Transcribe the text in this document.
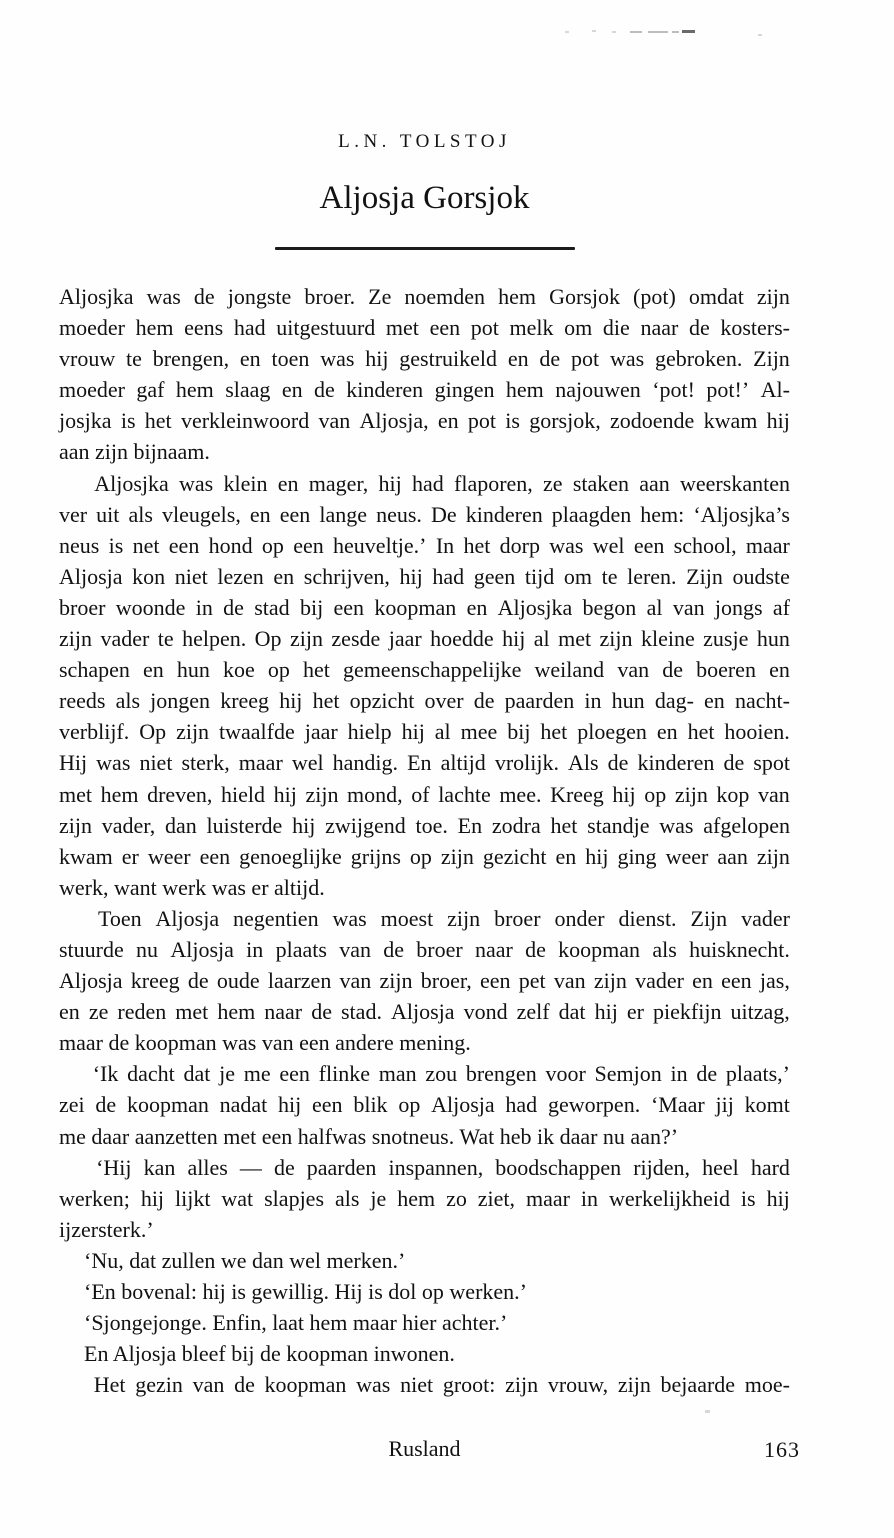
L.N. TOLSTOJ
Aljosja Gorsjok
Aljosjka was de jongste broer. Ze noemden hem Gorsjok (pot) omdat zijn
moeder hem eens had uitgestuurd met een pot melk om die naar de kosters-
vrouw te brengen, en toen was hij gestruikeld en de pot was gebroken. Zijn
moeder gaf hem slaag en de kinderen gingen hem najouwen ‘pot! pot!’ Al-
josjka is het verkleinwoord van Aljosja, en pot is gorsjok, zodoende kwam hij
aan zijn bijnaam.
Aljosjka was klein en mager, hij had flaporen, ze staken aan weerskanten
ver uit als vleugels, en een lange neus. De kinderen plaagden hem: ‘Aljosjka’s
neus is net een hond op een heuveltje.’ In het dorp was wel een school, maar
Aljosja kon niet lezen en schrijven, hij had geen tijd om te leren. Zijn oudste
broer woonde in de stad bij een koopman en Aljosjka begon al van jongs af
zijn vader te helpen. Op zijn zesde jaar hoedde hij al met zijn kleine zusje hun
schapen en hun koe op het gemeenschappelijke weiland van de boeren en
reeds als jongen kreeg hij het opzicht over de paarden in hun dag- en nacht-
verblijf. Op zijn twaalfde jaar hielp hij al mee bij het ploegen en het hooien.
Hij was niet sterk, maar wel handig. En altijd vrolijk. Als de kinderen de spot
met hem dreven, hield hij zijn mond, of lachte mee. Kreeg hij op zijn kop van
zijn vader, dan luisterde hij zwijgend toe. En zodra het standje was afgelopen
kwam er weer een genoeglijke grijns op zijn gezicht en hij ging weer aan zijn
werk, want werk was er altijd.
Toen Aljosja negentien was moest zijn broer onder dienst. Zijn vader
stuurde nu Aljosja in plaats van de broer naar de koopman als huisknecht.
Aljosja kreeg de oude laarzen van zijn broer, een pet van zijn vader en een jas,
en ze reden met hem naar de stad. Aljosja vond zelf dat hij er piekfijn uitzag,
maar de koopman was van een andere mening.
‘Ik dacht dat je me een flinke man zou brengen voor Semjon in de plaats,’
zei de koopman nadat hij een blik op Aljosja had geworpen. ‘Maar jij komt
me daar aanzetten met een halfwas snotneus. Wat heb ik daar nu aan?’
‘Hij kan alles — de paarden inspannen, boodschappen rijden, heel hard
werken; hij lijkt wat slapjes als je hem zo ziet, maar in werkelijkheid is hij
ijzersterk.’
‘Nu, dat zullen we dan wel merken.’
‘En bovenal: hij is gewillig. Hij is dol op werken.’
‘Sjongejonge. Enfin, laat hem maar hier achter.’
En Aljosja bleef bij de koopman inwonen.
Het gezin van de koopman was niet groot: zijn vrouw, zijn bejaarde moe-
Rusland	163
